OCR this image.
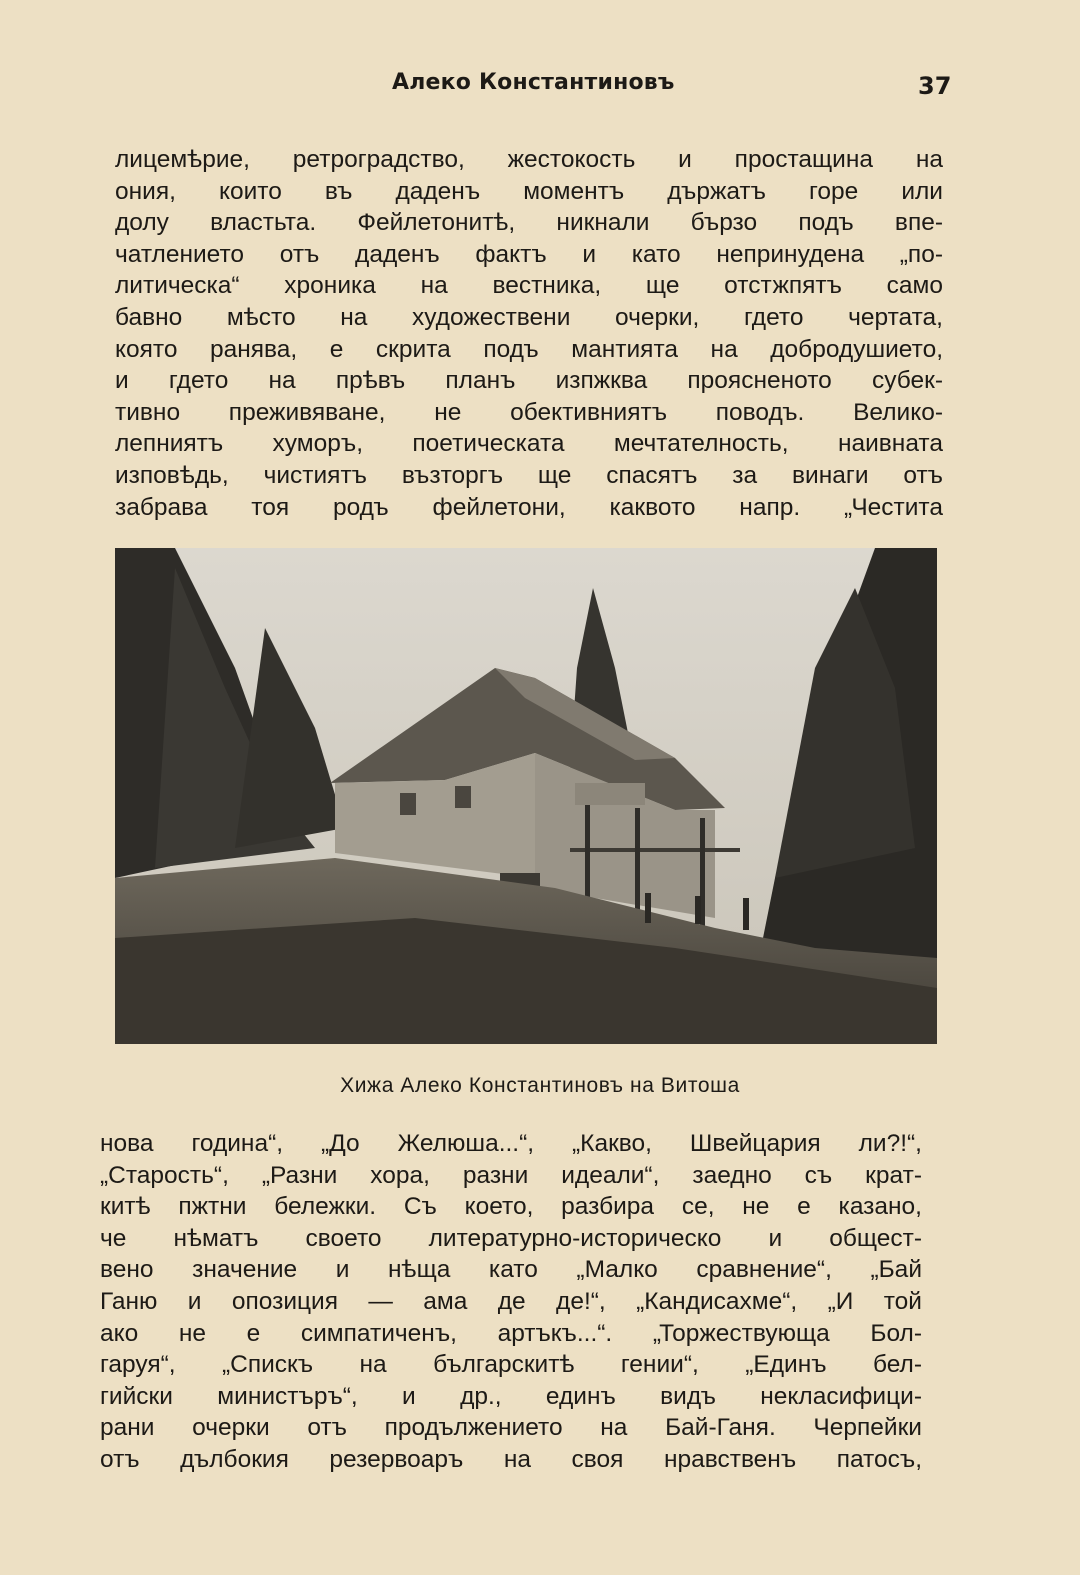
Алеко Константиновъ	37
лицемѣрие, ретроградство, жестокость и простащина на
ония, които въ даденъ моментъ държатъ горе или
долу властьта. Фейлетонитѣ, никнали бързо подъ впе-
чатлението отъ даденъ фактъ и като непринудена „по-
литическа“ хроника на вестника, ще отстжпятъ само
бавно мѣсто на художествени очерки, гдето чертата,
която ранява, е скрита подъ мантията на добродушието,
и гдето на прѣвъ планъ изпжква проясненото субек-
тивно преживяване, не обективниятъ поводъ. Велико-
лепниятъ хуморъ, поетическата мечтателность, наивната
изповѣдь, чистиятъ възторгъ ще спасятъ за винаги отъ
забрава тоя родъ фейлетони, каквото напр. „Честита
Хижа Алеко Константиновъ на Витоша
нова година“, „До Желюша...“, „Какво, Швейцария ли?!“,
„Старость“, „Разни хора, разни идеали“, заедно съ крат-
китѣ пжтни бележки. Съ което, разбира се, не е казано,
че нѣматъ своето литературно-историческо и общест-
вено значение и нѣща като „Малко сравнение“, „Бай
Ганю и опозиция — ама де де!“, „Кандисахме“, „И той
ако не е симпатиченъ, артъкъ...“. „Торжествующа Бол-
гаруя“, „Спискъ на българскитѣ гении“, „Единъ бел-
гийски министъръ“, и др., единъ видъ некласифици-
рани очерки отъ продължението на Бай-Ганя. Черпейки
отъ дълбокия резервоаръ на своя нравственъ патосъ,
